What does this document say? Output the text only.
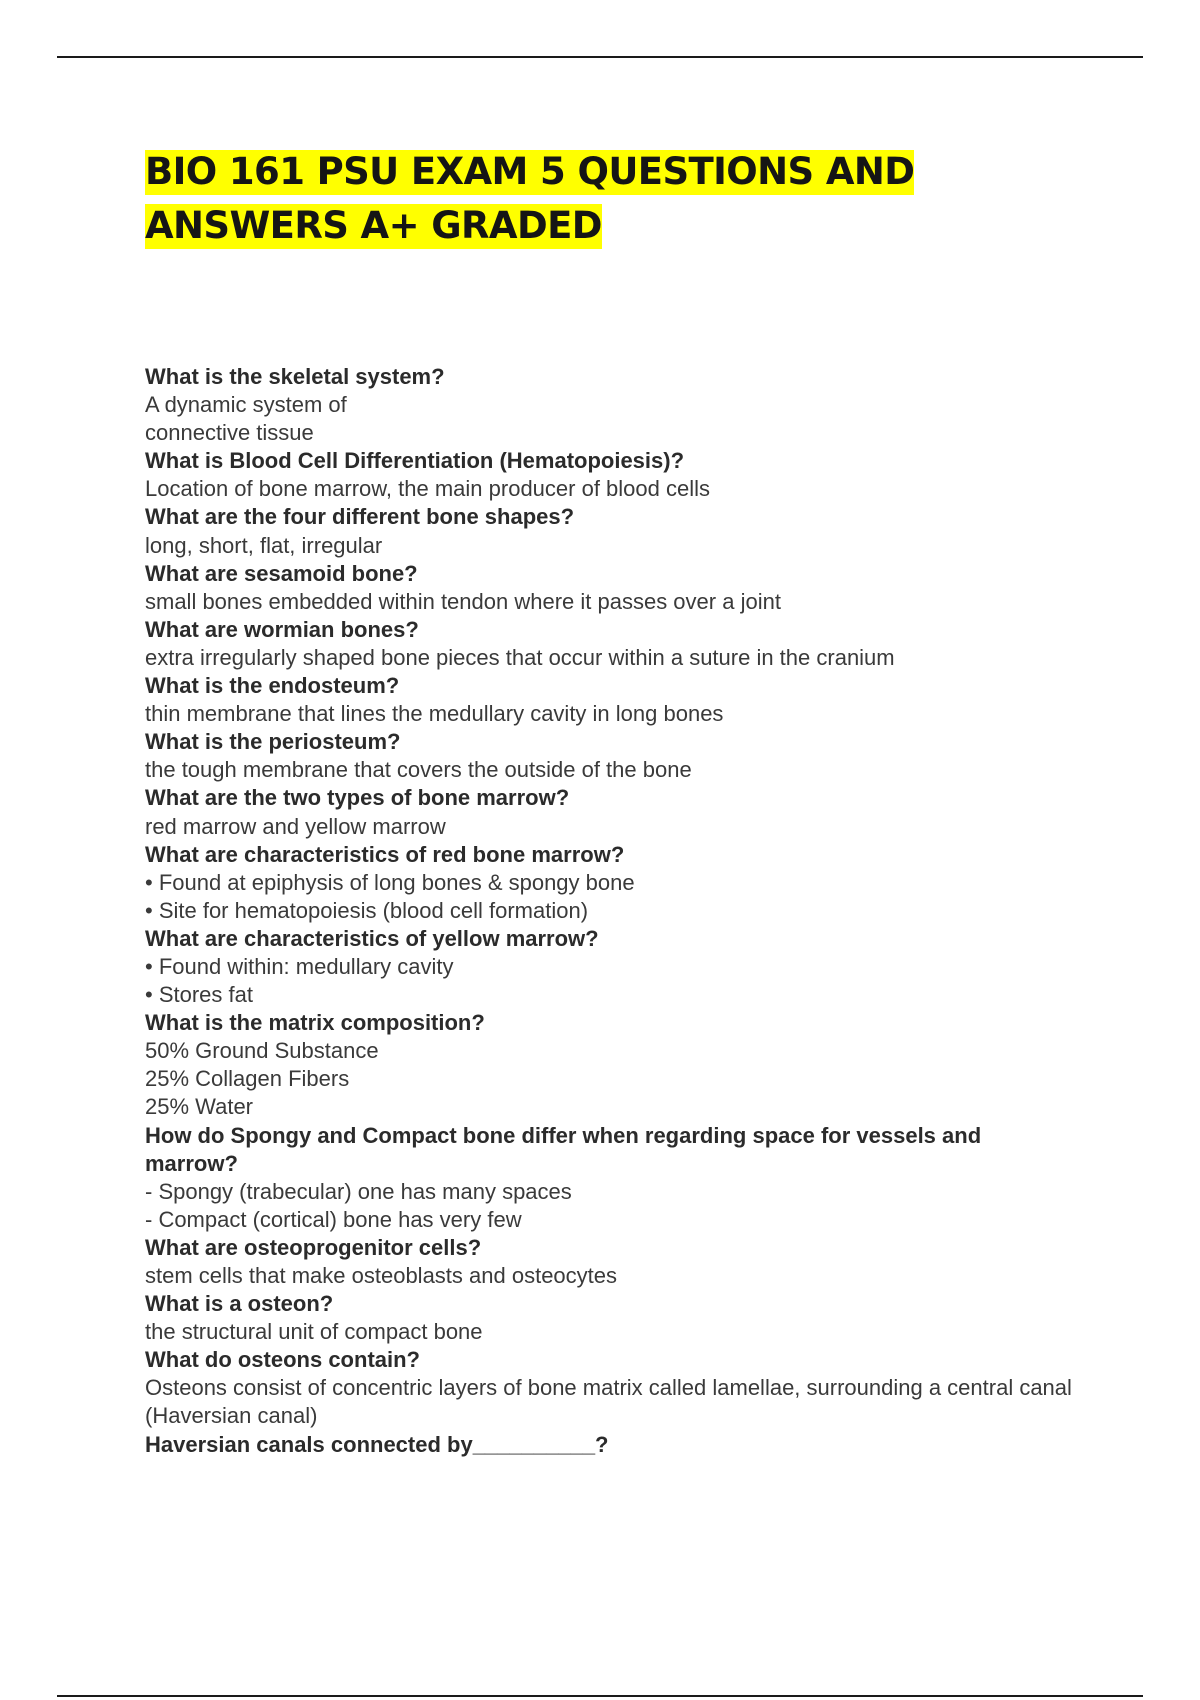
BIO 161 PSU EXAM 5 QUESTIONS AND ANSWERS A+ GRADED

What is the skeletal system?

A dynamic system of

connective tissue

What is Blood Cell Differentiation (Hematopoiesis)?

Location of bone marrow, the main producer of blood cells

What are the four different bone shapes?

long, short, flat, irregular

What are sesamoid bone?

small bones embedded within tendon where it passes over a joint

What are wormian bones?

extra irregularly shaped bone pieces that occur within a suture in the cranium

What is the endosteum?

thin membrane that lines the medullary cavity in long bones

What is the periosteum?

the tough membrane that covers the outside of the bone

What are the two types of bone marrow?

red marrow and yellow marrow

What are characteristics of red bone marrow?

• Found at epiphysis of long bones & spongy bone

• Site for hematopoiesis (blood cell formation)

What are characteristics of yellow marrow?

• Found within: medullary cavity

• Stores fat

What is the matrix composition?

50% Ground Substance

25% Collagen Fibers

25% Water

How do Spongy and Compact bone differ when regarding space for vessels and marrow?

- Spongy (trabecular) one has many spaces

- Compact (cortical) bone has very few

What are osteoprogenitor cells?

stem cells that make osteoblasts and osteocytes

What is a osteon?

the structural unit of compact bone

What do osteons contain?

Osteons consist of concentric layers of bone matrix called lamellae, surrounding a central canal (Haversian canal)

Haversian canals connected by__________?
